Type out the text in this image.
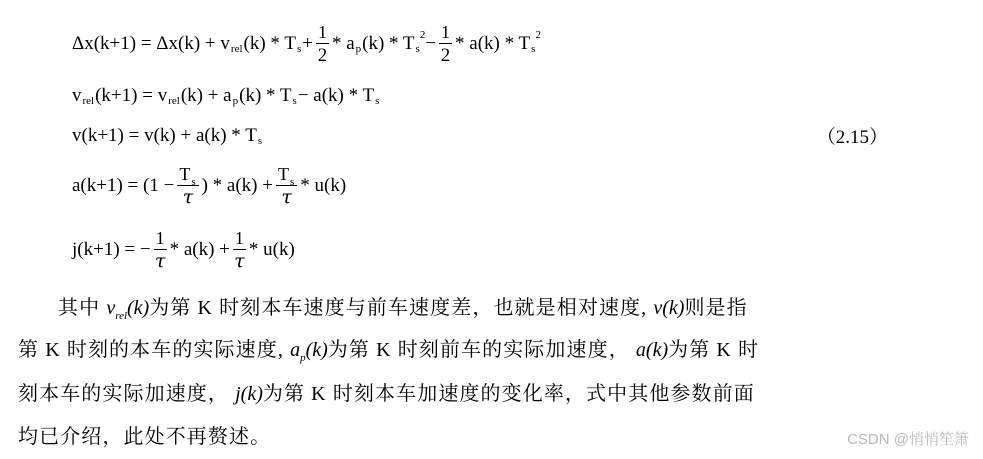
Δx(k+1) = Δx(k) + v rel (k) * T $s + \frac{1}{2} * a$ p (k) * T s
$2 - \frac{1}{2} * a(k) * T$ s
2
v rel (k+1) = v rel (k) + a p (k) * T s − a(k) * T s
v(k+1) = v(k) + a(k) * T s	（2.15）
$a(k+1) = (1 - \frac{T_s}{\tau}$ ) * $a(k) + \frac{T_s}{\tau} * u(k)$
j(k+1) = − $\frac{1}{\tau} * a(k) + \frac{1}{\tau} * u(k)$
其中 $v_{rel}(k)$为第 K 时刻本车速度与前车速度差，也就是相对速度, v(k)则是指
第 K 时刻的本车的实际速度, $a_p(k)$为第 K 时刻前车的实际加速度， a(k)为第 K 时
刻本车的实际加速度， j(k)为第 K 时刻本车加速度的变化率，式中其他参数前面
均已介绍，此处不再赘述。	CSDN @悄悄笙箫
